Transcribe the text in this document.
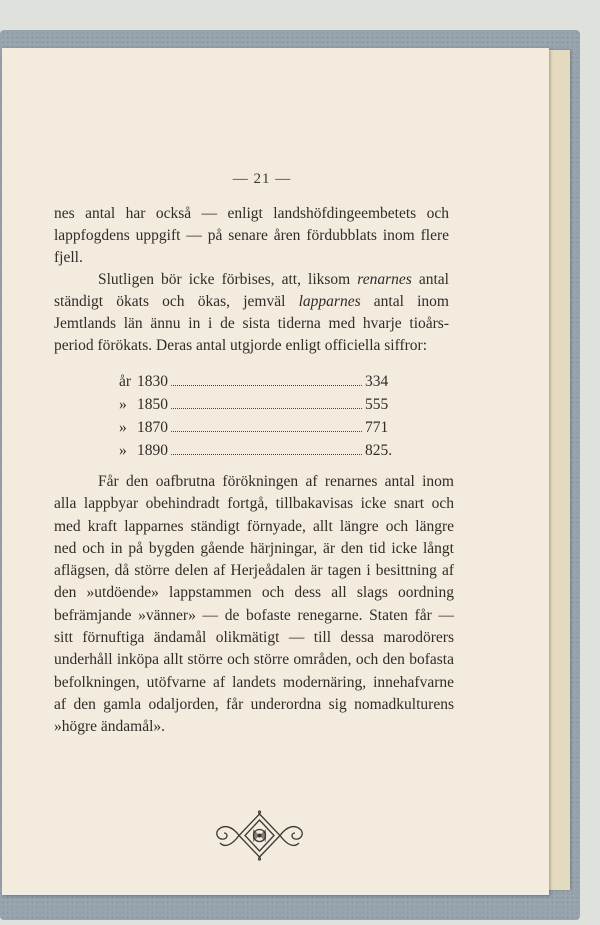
— 21 —

nes antal har också — enligt landshöfdingeembetets och lappfogdens uppgift — på senare åren fördubblats inom flere fjell.

Slutligen bör icke förbises, att, liksom renarnes antal ständigt ökats och ökas, jemväl lapparnes antal inom Jemtlands län ännu in i de sista tiderna med hvarje tioårs-period förökats. Deras antal utgjorde enligt officiella siffror:

år 1830	334
» 1850	555
» 1870	771
» 1890	825.

Får den oafbrutna förökningen af renarnes antal inom alla lappbyar obehindradt fortgå, tillbakavisas icke snart och med kraft lapparnes ständigt förnyade, allt längre och längre ned och in på bygden gående härjningar, är den tid icke långt aflägsen, då större delen af Herjeådalen är tagen i besittning af den »utdöende» lappstammen och dess all slags oordning befrämjande »vänner» — de bofaste renegarne. Staten får — sitt förnuftiga ändamål olikmätigt — till dessa marodörers underhåll inköpa allt större och större områden, och den bofasta befolkningen, utöfvarne af landets modernäring, innehafvarne af den gamla odaljorden, får underordna sig nomadkulturens »högre ändamål».
